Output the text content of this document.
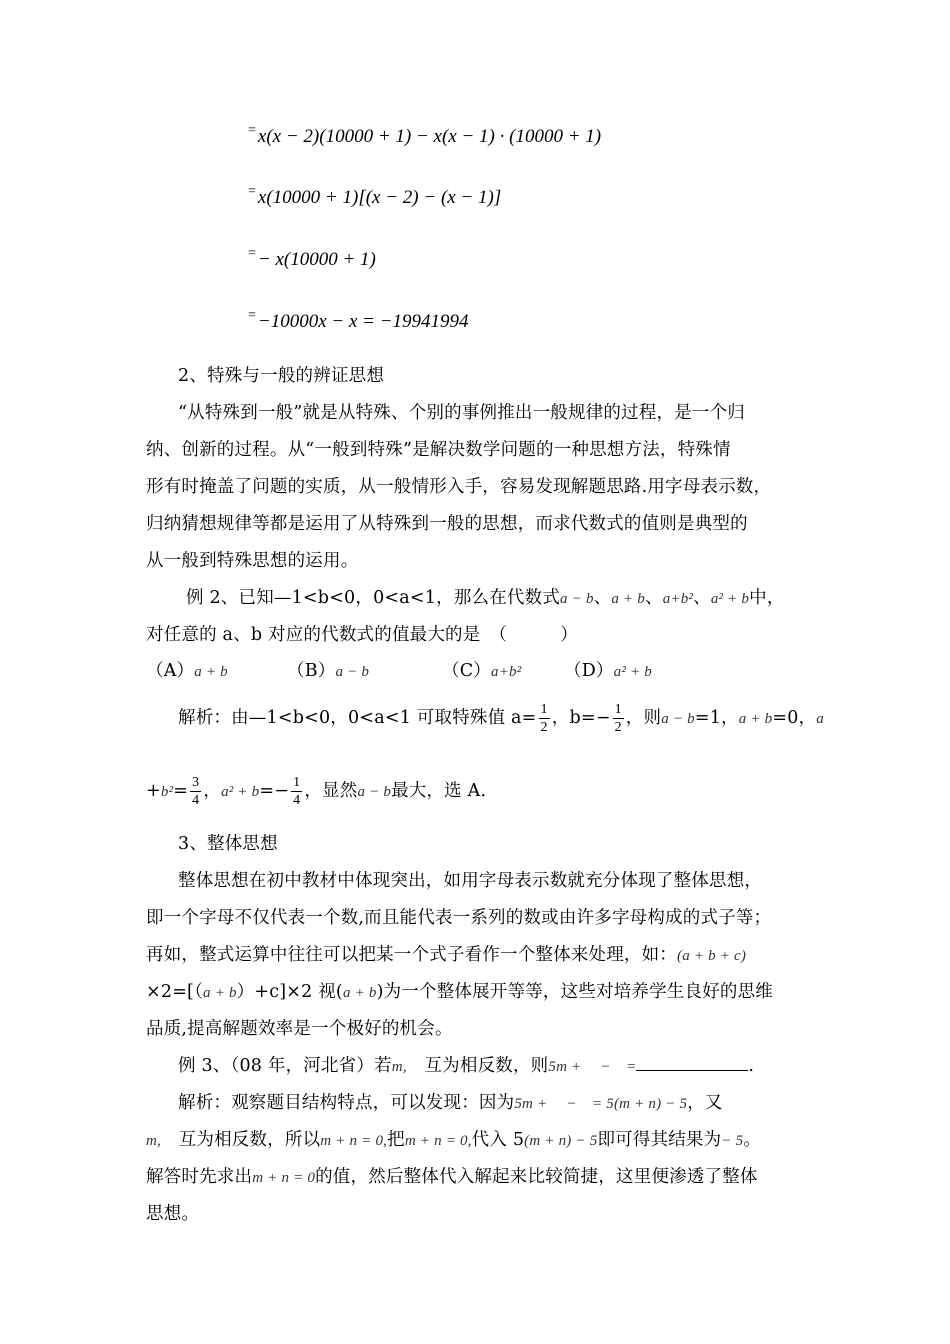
= x(x − 2)(10000 + 1) − x(x − 1) · (10000 + 1)
= x(10000 + 1)[(x − 2) − (x − 1)]
= − x(10000 + 1)
= −10000x − x = −19941994
2、特殊与一般的辨证思想
“从特殊到一般”就是从特殊、个别的事例推出一般规律的过程，是一个归
纳、创新的过程。从“一般到特殊”是解决数学问题的一种思想方法，特殊情
形有时掩盖了问题的实质，从一般情形入手，容易发现解题思路.用字母表示数，
归纳猜想规律等都是运用了从特殊到一般的思想，而求代数式的值则是典型的
从一般到特殊思想的运用。
例 2、已知—1<b<0，0<a<1，那么在代数式a − b、a + b、a+b²、a² + b中，
对任意的 a、b 对应的代数式的值最大的是　（　　　）
（A）a + b	（B）a − b	（C）a+b² （D）a² + b
解析：由—1<b<0，0<a<1 可取特殊值 $a= \frac{1}{2}$ ，$b=- \frac{1}{2}$ ，则a − b=1，a + b=0，a
$+b^2= \frac{3}{4}$ ，$a^2 + b=- \frac{1}{4}$ ，显然a − b最大，选 A．
3、整体思想
整体思想在初中教材中体现突出，如用字母表示数就充分体现了整体思想，
即一个字母不仅代表一个数,而且能代表一系列的数或由许多字母构成的式子等；
再如，整式运算中往往可以把某一个式子看作一个整体来处理，如：(a + b + c)
×2=[（a + b）+c]×2 视(a + b)为一个整体展开等等，这些对培养学生良好的思维
品质,提高解题效率是一个极好的机会。
例 3、（08 年，河北省）若m,　互为相反数，则5m +　 −　=	.
解析：观察题目结构特点，可以发现：因为5m +　 −　= 5(m + n) − 5，又
m,　互为相反数，所以m + n = 0,把m + n = 0,代入 5(m + n) − 5即可得其结果为− 5。
解答时先求出m + n = 0的值，然后整体代入解起来比较简捷，这里便渗透了整体
思想。
